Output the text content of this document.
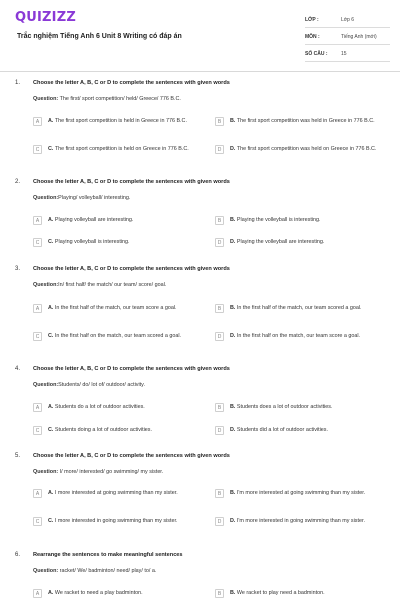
QUIZIZZ
Trắc nghiệm Tiếng Anh 6 Unit 8 Writing có đáp án
LỚP :	Lớp 6
MÔN :	Tiếng Anh (mới)
SỐ CÂU :	15
1. Choose the letter A, B, C or D to complete the sentences with given words
Question: The first/ sport competition/ held/ Greece/ 776 B.C.
A	A. The first sport competition is held in Greece in 776 B.C.	B	B. The first sport competition was held in Greece in 776 B.C.
C	C. The first sport competition is held on Greece in 776 B.C.	D	D. The first sport competition was held on Greece in 776 B.C.
2. Choose the letter A, B, C or D to complete the sentences with given words
Question:Playing/ volleyball/ interesting.
A	A. Playing volleyball are interesting.	B	B. Playing the volleyball is interesting.
C	C. Playing volleyball is interesting.	D	D. Playing the volleyball are interesting.
3. Choose the letter A, B, C or D to complete the sentences with given words
Question:In/ first half/ the match/ our team/ score/ goal.
A	A. In the first half of the match, our team score a goal.	B	B. In the first half of the match, our team scored a goal.
C	C. In the first half on the match, our team scored a goal.	D	D. In the first half on the match, our team score a goal.
4. Choose the letter A, B, C or D to complete the sentences with given words
Question:Students/ do/ lot of/ outdoor/ activity.
A	A. Students do a lot of outdoor activities.	B	B. Students does a lot of outdoor activities.
C	C. Students doing a lot of outdoor activities.	D	D. Students did a lot of outdoor activities.
5. Choose the letter A, B, C or D to complete the sentences with given words
Question: I/ more/ interested/ go swimming/ my sister.
A	A. I more interested at going swimming than my sister.	B	B. I'm more interested at going swimming than my sister.
C	C. I more interested in going swimming than my sister.	D	D. I'm more interested in going swimming than my sister.
6. Rearrange the sentences to make meaningful sentences
Question: racket/ We/ badminton/ need/ play/ to/ a.
A	A. We racket to need a play badminton.	B	B. We racket to play need a badminton.
